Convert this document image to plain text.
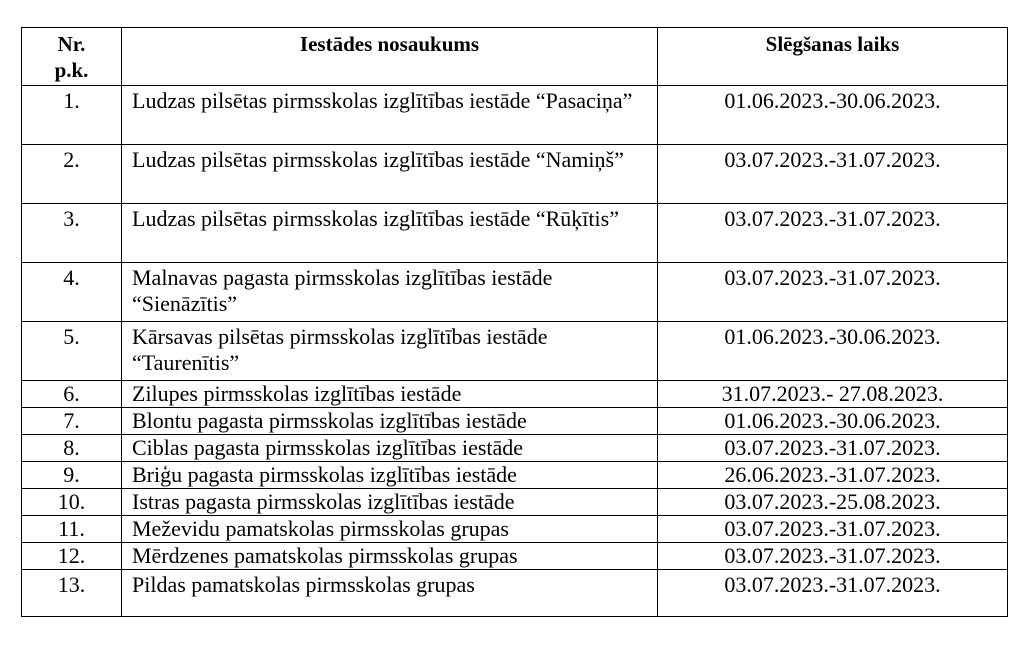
Nr.
p.k.	Iestādes nosaukums	Slēgšanas laiks
1.	Ludzas pilsētas pirmsskolas izglītības iestāde “Pasaciņa”	01.06.2023.-30.06.2023.
2.	Ludzas pilsētas pirmsskolas izglītības iestāde “Namiņš”	03.07.2023.-31.07.2023.
3.	Ludzas pilsētas pirmsskolas izglītības iestāde “Rūķītis”	03.07.2023.-31.07.2023.
4.	Malnavas pagasta pirmsskolas izglītības iestāde “Sienāzītis”	03.07.2023.-31.07.2023.
5.	Kārsavas pilsētas pirmsskolas izglītības iestāde “Taurenītis”	01.06.2023.-30.06.2023.
6.	Zilupes pirmsskolas izglītības iestāde	31.07.2023.- 27.08.2023.
7.	Blontu pagasta pirmsskolas izglītības iestāde	01.06.2023.-30.06.2023.
8.	Ciblas pagasta pirmsskolas izglītības iestāde	03.07.2023.-31.07.2023.
9.	Briģu pagasta pirmsskolas izglītības iestāde	26.06.2023.-31.07.2023.
10.	Istras pagasta pirmsskolas izglītības iestāde	03.07.2023.-25.08.2023.
11.	Meževidu pamatskolas pirmsskolas grupas	03.07.2023.-31.07.2023.
12.	Mērdzenes pamatskolas pirmsskolas grupas	03.07.2023.-31.07.2023.
13.	Pildas pamatskolas pirmsskolas grupas	03.07.2023.-31.07.2023.
